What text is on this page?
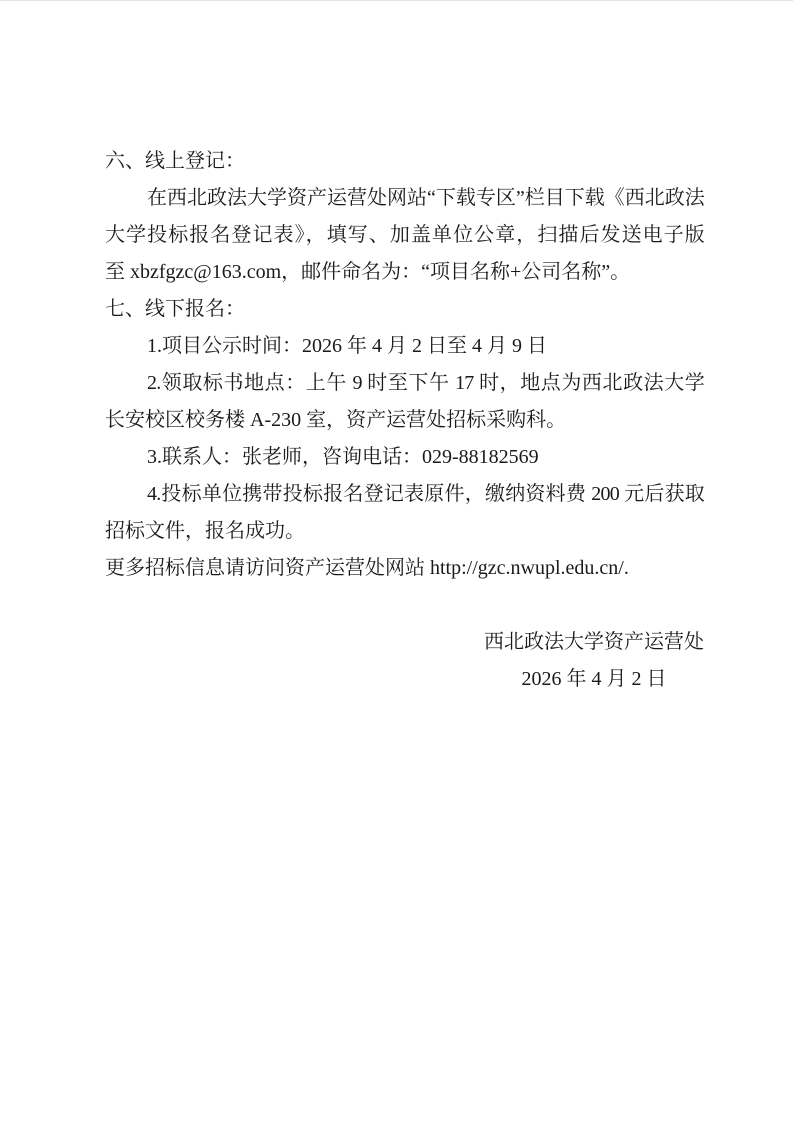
六、线上登记：
在西北政法大学资产运营处网站“下载专区”栏目下载《西北政法
大学投标报名登记表》，填写、加盖单位公章，扫描后发送电子版
至 xbzfgzc@163.com，邮件命名为：“项目名称+公司名称”。
七、线下报名：
1.项目公示时间：2026 年 4 月 2 日至 4 月 9 日
2.领取标书地点：上午 9 时至下午 17 时，地点为西北政法大学
长安校区校务楼 A-230 室，资产运营处招标采购科。
3.联系人：张老师，咨询电话：029-88182569
4.投标单位携带投标报名登记表原件，缴纳资料费 200 元后获取
招标文件，报名成功。
更多招标信息请访问资产运营处网站 http://gzc.nwupl.edu.cn/.
西北政法大学资产运营处
2026 年 4 月 2 日
